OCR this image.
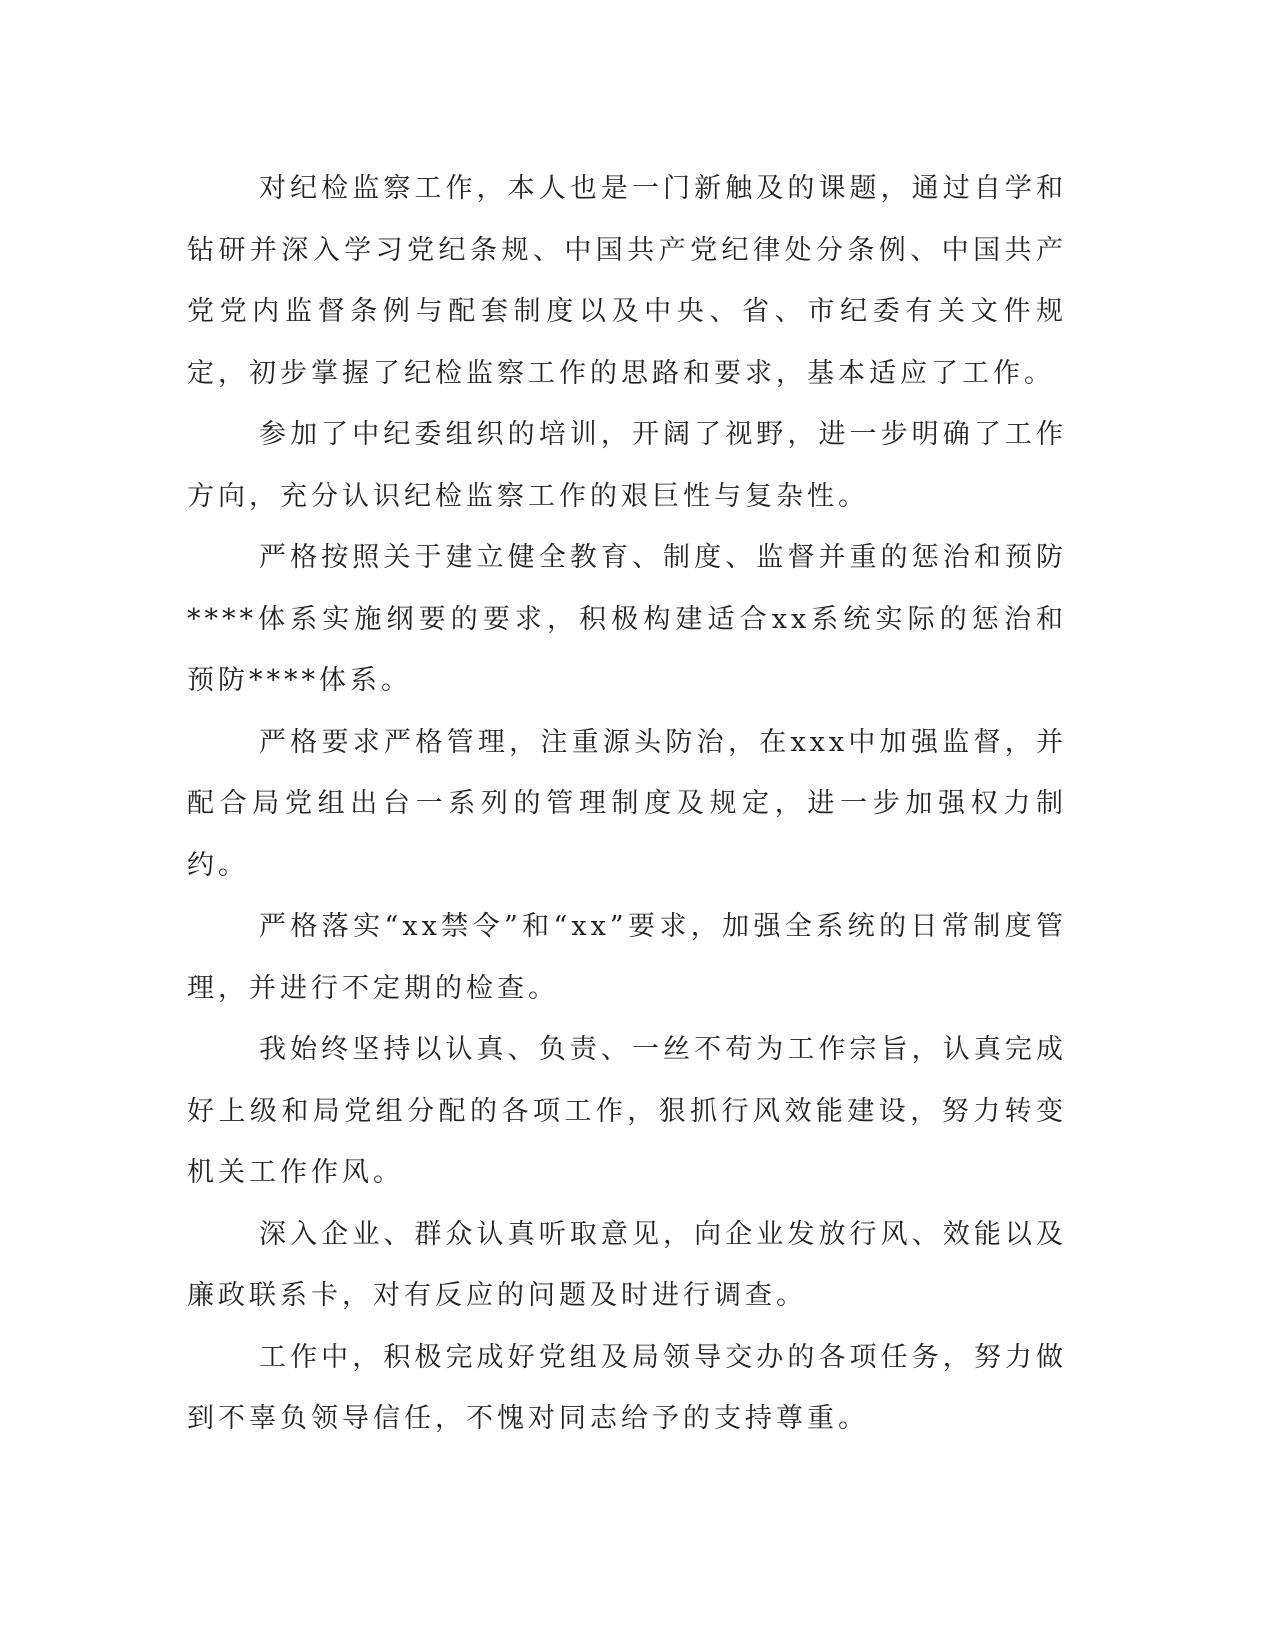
对纪检监察工作，本人也是一门新触及的课题，通过自学和钻研并深入学习党纪条规、中国共产党纪律处分条例、中国共产党党内监督条例与配套制度以及中央、省、市纪委有关文件规定，初步掌握了纪检监察工作的思路和要求，基本适应了工作。

参加了中纪委组织的培训，开阔了视野，进一步明确了工作方向，充分认识纪检监察工作的艰巨性与复杂性。

严格按照关于建立健全教育、制度、监督并重的惩治和预防****体系实施纲要的要求，积极构建适合xx系统实际的惩治和预防****体系。

严格要求严格管理，注重源头防治，在xxx中加强监督，并配合局党组出台一系列的管理制度及规定，进一步加强权力制约。

严格落实“xx禁令”和“xx”要求，加强全系统的日常制度管理，并进行不定期的检查。

我始终坚持以认真、负责、一丝不苟为工作宗旨，认真完成好上级和局党组分配的各项工作，狠抓行风效能建设，努力转变机关工作作风。

深入企业、群众认真听取意见，向企业发放行风、效能以及廉政联系卡，对有反应的问题及时进行调查。

工作中，积极完成好党组及局领导交办的各项任务，努力做到不辜负领导信任，不愧对同志给予的支持尊重。
